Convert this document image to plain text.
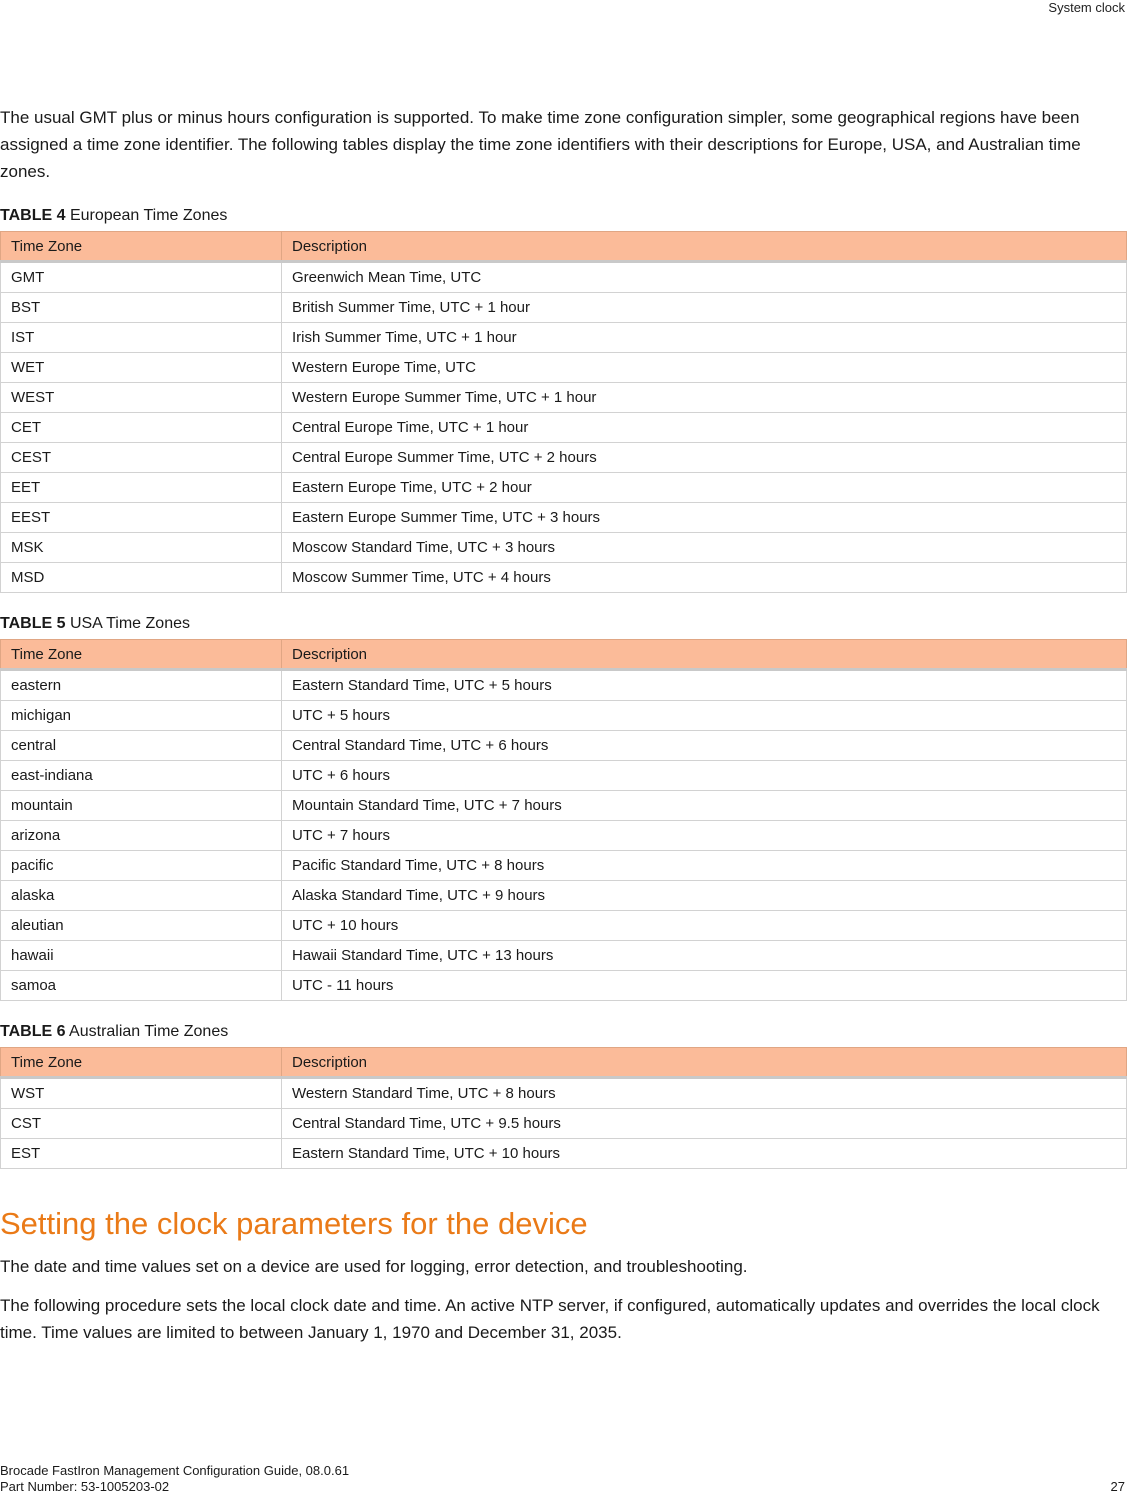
System clock

The usual GMT plus or minus hours configuration is supported. To make time zone configuration simpler, some geographical regions have been assigned a time zone identifier. The following tables display the time zone identifiers with their descriptions for Europe, USA, and Australian time zones.

TABLE 4 European Time Zones
Time Zone	Description
GMT	Greenwich Mean Time, UTC
BST	British Summer Time, UTC + 1 hour
IST	Irish Summer Time, UTC + 1 hour
WET	Western Europe Time, UTC
WEST	Western Europe Summer Time, UTC + 1 hour
CET	Central Europe Time, UTC + 1 hour
CEST	Central Europe Summer Time, UTC + 2 hours
EET	Eastern Europe Time, UTC + 2 hour
EEST	Eastern Europe Summer Time, UTC + 3 hours
MSK	Moscow Standard Time, UTC + 3 hours
MSD	Moscow Summer Time, UTC + 4 hours
TABLE 5 USA Time Zones
Time Zone	Description
eastern	Eastern Standard Time, UTC + 5 hours
michigan	UTC + 5 hours
central	Central Standard Time, UTC + 6 hours
east-indiana	UTC + 6 hours
mountain	Mountain Standard Time, UTC + 7 hours
arizona	UTC + 7 hours
pacific	Pacific Standard Time, UTC + 8 hours
alaska	Alaska Standard Time, UTC + 9 hours
aleutian	UTC + 10 hours
hawaii	Hawaii Standard Time, UTC + 13 hours
samoa	UTC - 11 hours
TABLE 6 Australian Time Zones
Time Zone	Description
WST	Western Standard Time, UTC + 8 hours
CST	Central Standard Time, UTC + 9.5 hours
EST	Eastern Standard Time, UTC + 10 hours
Setting the clock parameters for the device

The date and time values set on a device are used for logging, error detection, and troubleshooting.

The following procedure sets the local clock date and time. An active NTP server, if configured, automatically updates and overrides the local clock time. Time values are limited to between January 1, 1970 and December 31, 2035.

Brocade FastIron Management Configuration Guide, 08.0.61
Part Number: 53-1005203-02	27
